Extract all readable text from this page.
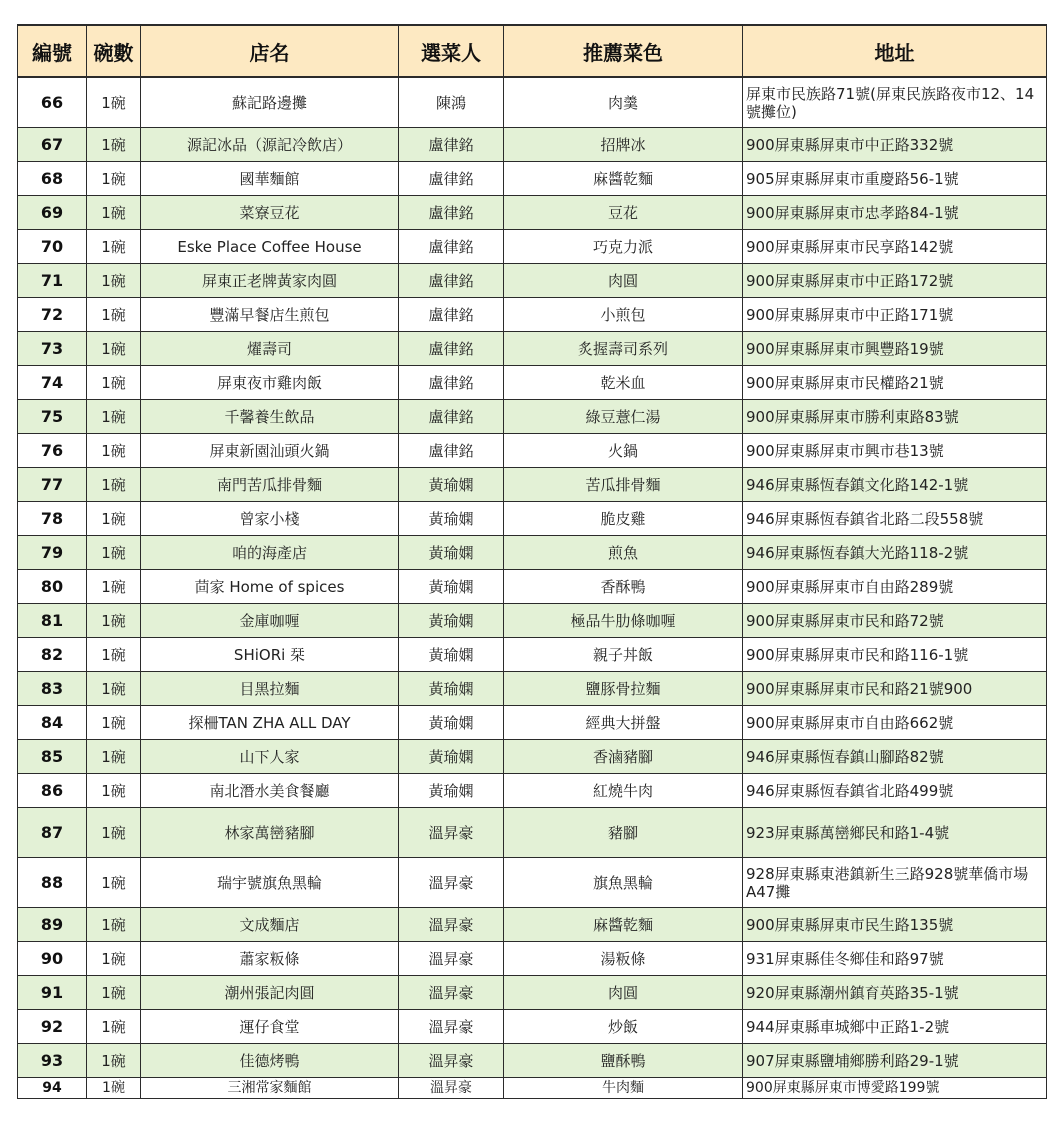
編號	碗數	店名	選菜人	推薦菜色	地址
66	1碗	蘇記路邊攤	陳鴻	肉羹	屏東市民族路71號(屏東民族路夜市12、14號攤位)
67	1碗	源記冰品（源記冷飲店）	盧律銘	招牌冰	900屏東縣屏東市中正路332號
68	1碗	國華麵館	盧律銘	麻醬乾麵	905屏東縣屏東市重慶路56-1號
69	1碗	菜寮豆花	盧律銘	豆花	900屏東縣屏東市忠孝路84-1號
70	1碗	Eske Place Coffee House	盧律銘	巧克力派	900屏東縣屏東市民享路142號
71	1碗	屏東正老牌黃家肉圓	盧律銘	肉圓	900屏東縣屏東市中正路172號
72	1碗	豐滿早餐店生煎包	盧律銘	小煎包	900屏東縣屏東市中正路171號
73	1碗	燿壽司	盧律銘	炙握壽司系列	900屏東縣屏東市興豐路19號
74	1碗	屏東夜市雞肉飯	盧律銘	乾米血	900屏東縣屏東市民權路21號
75	1碗	千馨養生飲品	盧律銘	綠豆薏仁湯	900屏東縣屏東市勝利東路83號
76	1碗	屏東新園汕頭火鍋	盧律銘	火鍋	900屏東縣屏東市興市巷13號
77	1碗	南門苦瓜排骨麵	黃瑜嫻	苦瓜排骨麵	946屏東縣恆春鎮文化路142-1號
78	1碗	曾家小棧	黃瑜嫻	脆皮雞	946屏東縣恆春鎮省北路二段558號
79	1碗	咱的海產店	黃瑜嫻	煎魚	946屏東縣恆春鎮大光路118-2號
80	1碗	茴家 Home of spices	黃瑜嫻	香酥鴨	900屏東縣屏東市自由路289號
81	1碗	金庫咖喱	黃瑜嫻	極品牛肋條咖喱	900屏東縣屏東市民和路72號
82	1碗	SHiORi 栞	黃瑜嫻	親子丼飯	900屏東縣屏東市民和路116-1號
83	1碗	目黑拉麵	黃瑜嫻	鹽豚骨拉麵	900屏東縣屏東市民和路21號900
84	1碗	探柵TAN ZHA ALL DAY	黃瑜嫻	經典大拼盤	900屏東縣屏東市自由路662號
85	1碗	山下人家	黃瑜嫻	香滷豬腳	946屏東縣恆春鎮山腳路82號
86	1碗	南北潛水美食餐廳	黃瑜嫻	紅燒牛肉	946屏東縣恆春鎮省北路499號
87	1碗	林家萬巒豬腳	溫昇豪	豬腳	923屏東縣萬巒鄉民和路1-4號
88	1碗	瑞宇號旗魚黑輪	溫昇豪	旗魚黑輪	928屏東縣東港鎮新生三路928號華僑市場A47攤
89	1碗	文成麵店	溫昇豪	麻醬乾麵	900屏東縣屏東市民生路135號
90	1碗	蕭家粄條	溫昇豪	湯粄條	931屏東縣佳冬鄉佳和路97號
91	1碗	潮州張記肉圓	溫昇豪	肉圓	920屏東縣潮州鎮育英路35-1號
92	1碗	運仔食堂	溫昇豪	炒飯	944屏東縣車城鄉中正路1-2號
93	1碗	佳德烤鴨	溫昇豪	鹽酥鴨	907屏東縣鹽埔鄉勝利路29-1號
94	1碗	三湘常家麵館	溫昇豪	牛肉麵	900屏東縣屏東市博愛路199號
